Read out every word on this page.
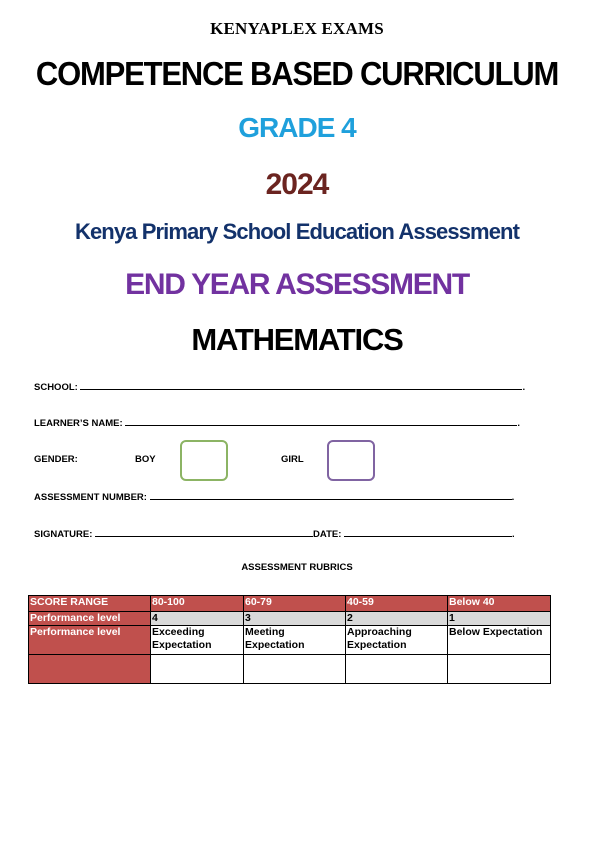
KENYAPLEX EXAMS
COMPETENCE BASED CURRICULUM
GRADE 4
2024
Kenya Primary School Education Assessment
END YEAR ASSESSMENT
MATHEMATICS
SCHOOL:	.
LEARNER’S NAME:	.
GENDER:	BOY	GIRL
ASSESSMENT NUMBER:	.
SIGNATURE:	DATE:	.
ASSESSMENT RUBRICS
SCORE RANGE	80-100	60-79	40-59	Below 40
Performance level	4	3	2	1
Performance level	Exceeding Expectation	Meeting Expectation	Approaching Expectation	Below Expectation
